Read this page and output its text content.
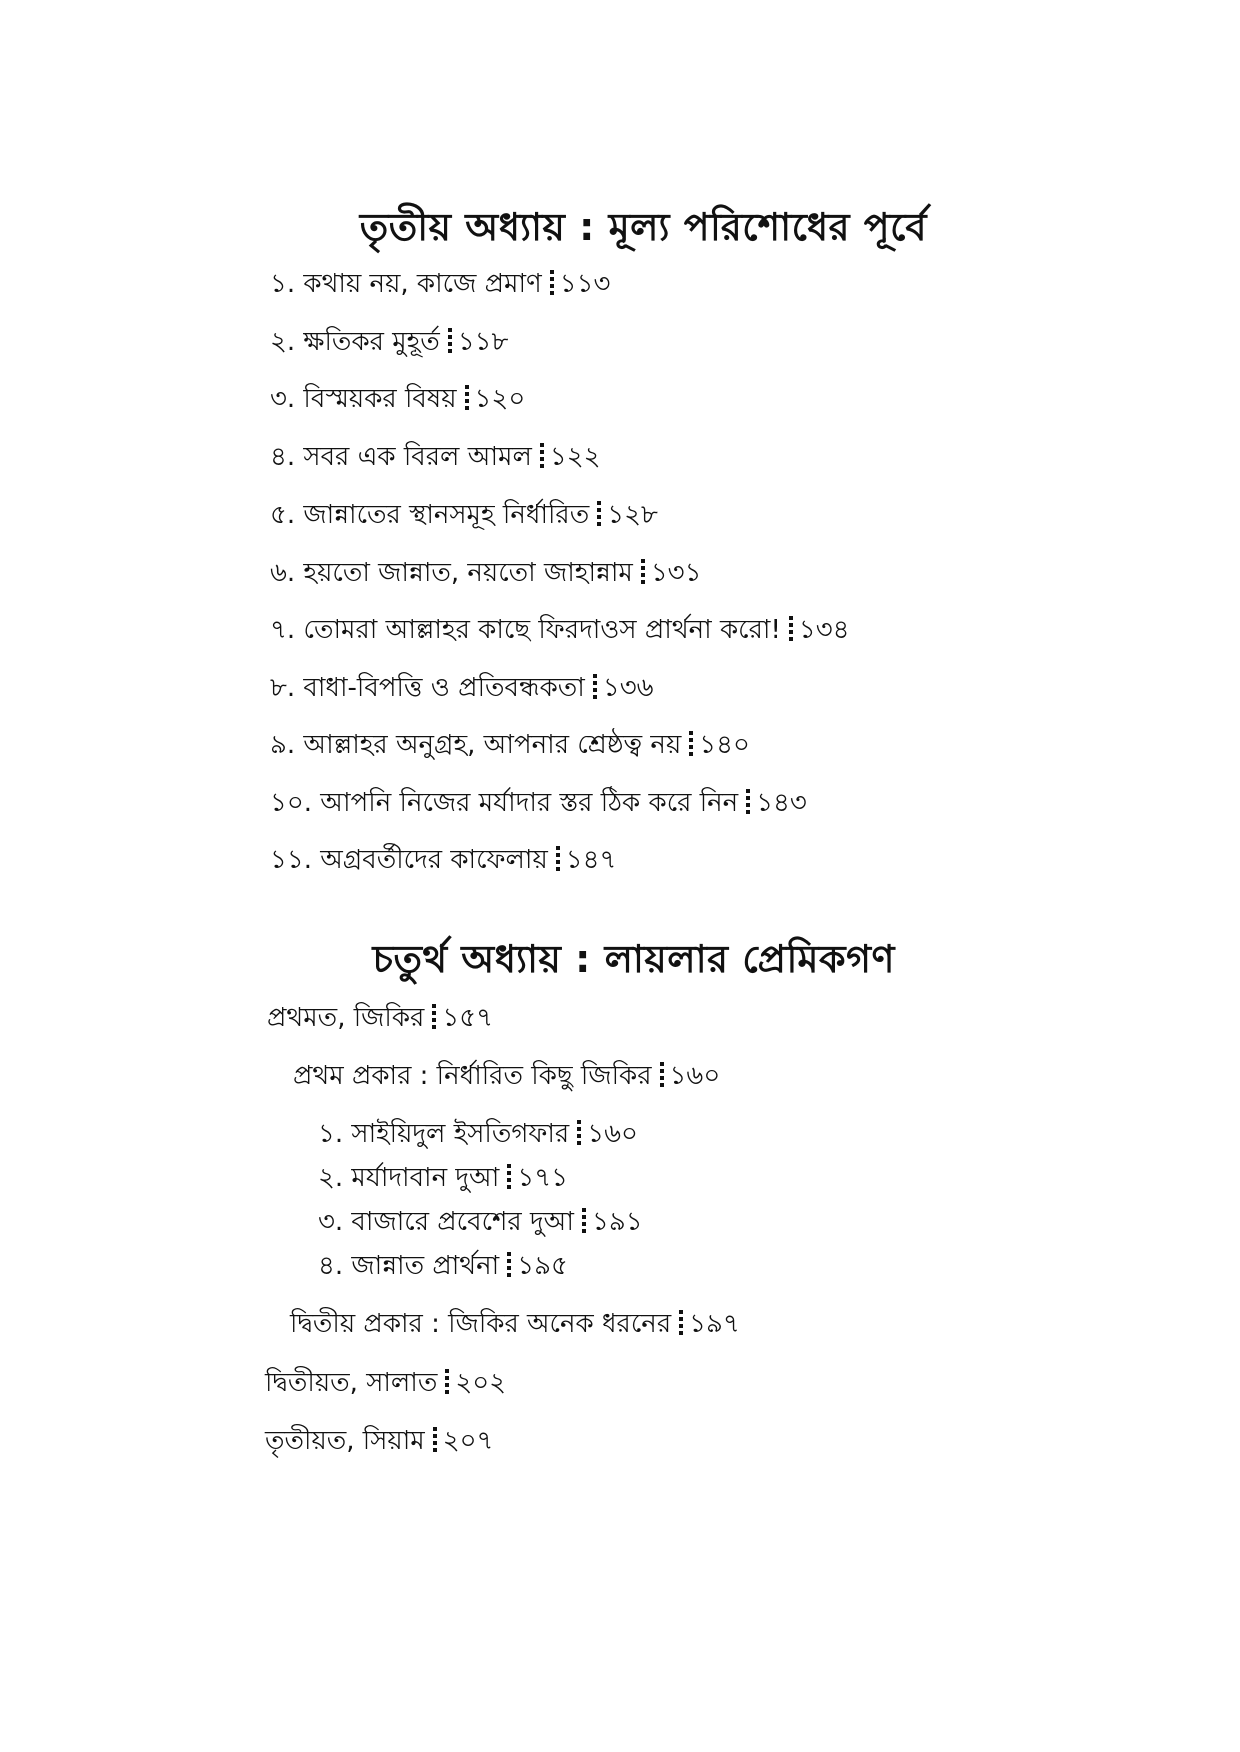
তৃতীয় অধ্যায় : মূল্য পরিশোধের পূর্বে
১. কথায় নয়, কাজে প্রমাণ ১১৩
২. ক্ষতিকর মুহূর্ত ১১৮
৩. বিস্ময়কর বিষয় ১২০
৪. সবর এক বিরল আমল ১২২
৫. জান্নাতের স্থানসমূহ নির্ধারিত ১২৮
৬. হয়তো জান্নাত, নয়তো জাহান্নাম ১৩১
৭. তোমরা আল্লাহর কাছে ফিরদাওস প্রার্থনা করো! ১৩৪
৮. বাধা-বিপত্তি ও প্রতিবন্ধকতা ১৩৬
৯. আল্লাহর অনুগ্রহ, আপনার শ্রেষ্ঠত্ব নয় ১৪০
১০. আপনি নিজের মর্যাদার স্তর ঠিক করে নিন ১৪৩
১১. অগ্রবর্তীদের কাফেলায় ১৪৭
চতুর্থ অধ্যায় : লায়লার প্রেমিকগণ
প্রথমত, জিকির ১৫৭
প্রথম প্রকার : নির্ধারিত কিছু জিকির ১৬০
১. সাইয়িদুল ইসতিগফার ১৬০
২. মর্যাদাবান দুআ ১৭১
৩. বাজারে প্রবেশের দুআ ১৯১
৪. জান্নাত প্রার্থনা ১৯৫
দ্বিতীয় প্রকার : জিকির অনেক ধরনের ১৯৭
দ্বিতীয়ত, সালাত ২০২
তৃতীয়ত, সিয়াম ২০৭
